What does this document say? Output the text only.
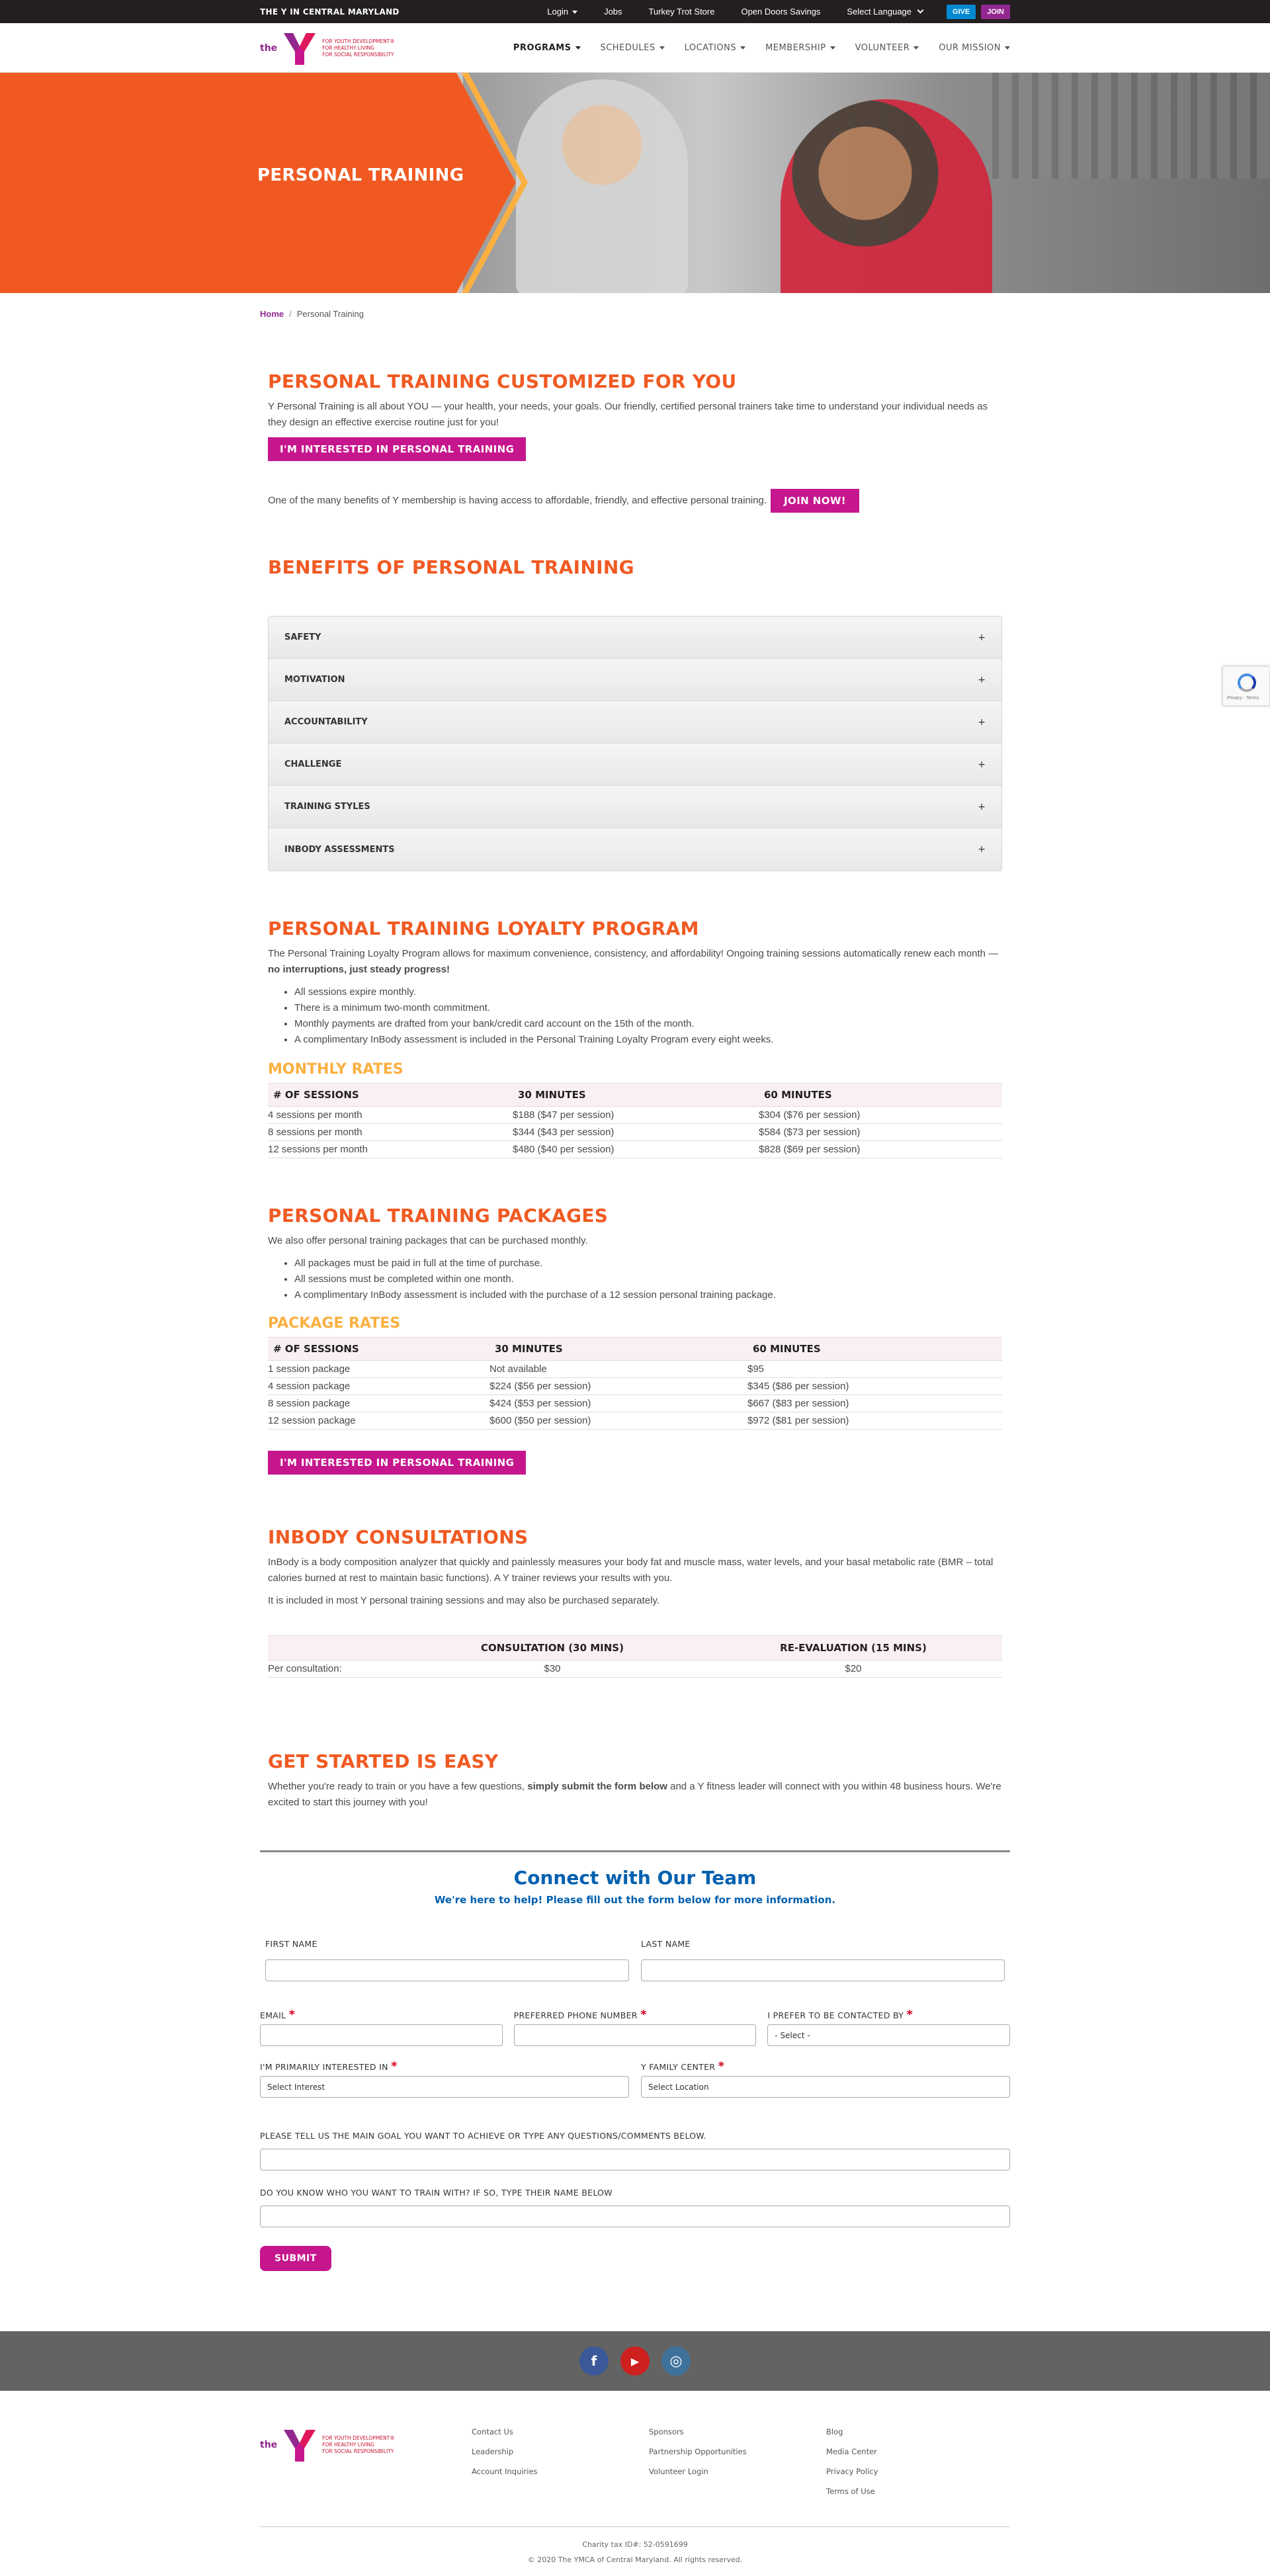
THE Y IN CENTRAL MARYLAND	Login	Jobs	Turkey Trot Store	Open Doors Savings	Select Language	GIVE	JOIN
the
FOR YOUTH DEVELOPMENT®
FOR HEALTHY LIVING
FOR SOCIAL RESPONSIBILITY
PROGRAMS	SCHEDULES	LOCATIONS	MEMBERSHIP	VOLUNTEER	OUR MISSION
PERSONAL TRAINING
Home / Personal Training
PERSONAL TRAINING CUSTOMIZED FOR YOU

Y Personal Training is all about YOU — your health, your needs, your goals. Our friendly, certified personal trainers take time to understand your individual needs as they design an effective exercise routine just for you!

I'M INTERESTED IN PERSONAL TRAINING

One of the many benefits of Y membership is having access to affordable, friendly, and effective personal training.	JOIN NOW!
BENEFITS OF PERSONAL TRAINING
SAFETY	+
MOTIVATION	+
ACCOUNTABILITY	+
CHALLENGE	+
TRAINING STYLES	+
INBODY ASSESSMENTS	+
PERSONAL TRAINING LOYALTY PROGRAM

The Personal Training Loyalty Program allows for maximum convenience, consistency, and affordability! Ongoing training sessions automatically renew each month — no interruptions, just steady progress!

• All sessions expire monthly.
• There is a minimum two-month commitment.
• Monthly payments are drafted from your bank/credit card account on the 15th of the month.
• A complimentary InBody assessment is included in the Personal Training Loyalty Program every eight weeks.
MONTHLY RATES
# OF SESSIONS	30 MINUTES	60 MINUTES
4 sessions per month	$188 ($47 per session)	$304 ($76 per session)
8 sessions per month	$344 ($43 per session)	$584 ($73 per session)
12 sessions per month	$480 ($40 per session)	$828 ($69 per session)
PERSONAL TRAINING PACKAGES

We also offer personal training packages that can be purchased monthly.

• All packages must be paid in full at the time of purchase.
• All sessions must be completed within one month.
• A complimentary InBody assessment is included with the purchase of a 12 session personal training package.
PACKAGE RATES
# OF SESSIONS	30 MINUTES	60 MINUTES
1 session package	Not available	$95
4 session package	$224 ($56 per session)	$345 ($86 per session)
8 session package	$424 ($53 per session)	$667 ($83 per session)
12 session package	$600 ($50 per session)	$972 ($81 per session)
I'M INTERESTED IN PERSONAL TRAINING
INBODY CONSULTATIONS

InBody is a body composition analyzer that quickly and painlessly measures your body fat and muscle mass, water levels, and your basal metabolic rate (BMR – total calories burned at rest to maintain basic functions). A Y trainer reviews your results with you.

It is included in most Y personal training sessions and may also be purchased separately.

	CONSULTATION (30 MINS)	RE-EVALUATION (15 MINS)
Per consultation:	$30	$20
GET STARTED IS EASY

Whether you're ready to train or you have a few questions, simply submit the form below and a Y fitness leader will connect with you within 48 business hours. We're excited to start this journey with you!

Connect with Our Team
We're here to help! Please fill out the form below for more information.
FIRST NAME	LAST NAME
EMAIL *	PREFERRED PHONE NUMBER *	I PREFER TO BE CONTACTED BY *
- Select -
I'M PRIMARILY INTERESTED IN *
Select Interest
Y FAMILY CENTER *
Select Location
PLEASE TELL US THE MAIN GOAL YOU WANT TO ACHIEVE OR TYPE ANY QUESTIONS/COMMENTS BELOW.
DO YOU KNOW WHO YOU WANT TO TRAIN WITH? IF SO, TYPE THEIR NAME BELOW
SUBMIT
f	▶	◎
the
FOR YOUTH DEVELOPMENT®
FOR HEALTHY LIVING
FOR SOCIAL RESPONSIBILITY
Contact Us
Leadership
Account Inquiries
Sponsors
Partnership Opportunities
Volunteer Login
Blog
Media Center
Privacy Policy
Terms of Use
Charity tax ID#: 52-0591699
© 2020 The YMCA of Central Maryland. All rights reserved.
Privacy - Terms
